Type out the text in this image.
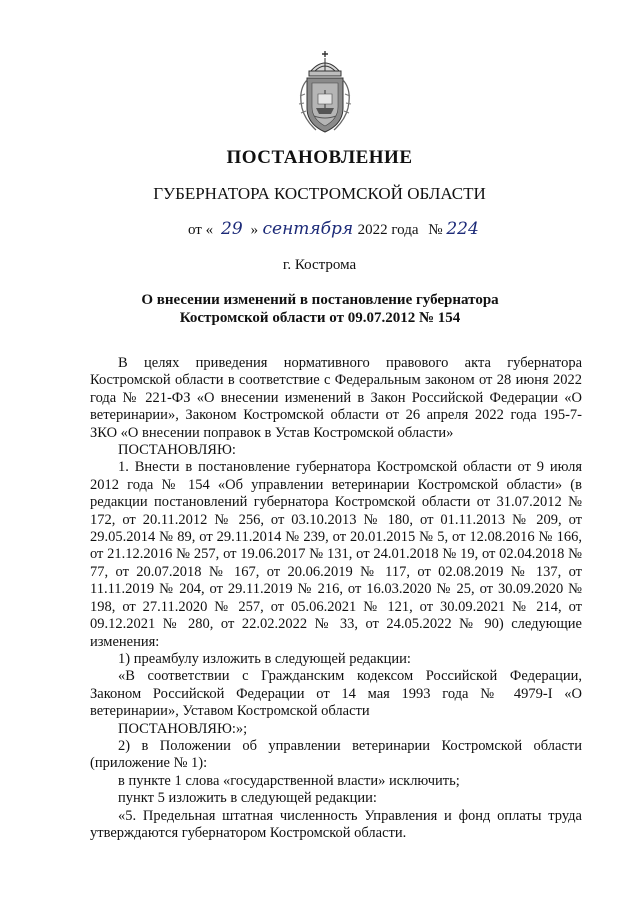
ПОСТАНОВЛЕНИЕ
ГУБЕРНАТОРА КОСТРОМСКОЙ ОБЛАСТИ
от « 29 » сентября 2022 года № 224
г. Кострома
О внесении изменений в постановление губернатора
Костромской области от 09.07.2012 № 154

В целях приведения нормативного правового акта губернатора Костромской области в соответствие с Федеральным законом от 28 июня 2022 года № 221-ФЗ «О внесении изменений в Закон Российской Федерации «О ветеринарии», Законом Костромской области от 26 апреля 2022 года 195-7-ЗКО «О внесении поправок в Устав Костромской области»

ПОСТАНОВЛЯЮ:

1. Внести в постановление губернатора Костромской области от 9 июля 2012 года № 154 «Об управлении ветеринарии Костромской области» (в редакции постановлений губернатора Костромской области от 31.07.2012 № 172, от 20.11.2012 № 256, от 03.10.2013 № 180, от 01.11.2013 № 209, от 29.05.2014 № 89, от 29.11.2014 № 239, от 20.01.2015 № 5, от 12.08.2016 № 166, от 21.12.2016 № 257, от 19.06.2017 № 131, от 24.01.2018 № 19, от 02.04.2018 № 77, от 20.07.2018 № 167, от 20.06.2019 № 117, от 02.08.2019 № 137, от 11.11.2019 № 204, от 29.11.2019 № 216, от 16.03.2020 № 25, от 30.09.2020 № 198, от 27.11.2020 № 257, от 05.06.2021 № 121, от 30.09.2021 № 214, от 09.12.2021 № 280, от 22.02.2022 № 33, от 24.05.2022 № 90) следующие изменения:

1) преамбулу изложить в следующей редакции:

«В соответствии с Гражданским кодексом Российской Федерации, Законом Российской Федерации от 14 мая 1993 года № 4979-I «О ветеринарии», Уставом Костромской области

ПОСТАНОВЛЯЮ:»;

2) в Положении об управлении ветеринарии Костромской области (приложение № 1):

в пункте 1 слова «государственной власти» исключить;

пункт 5 изложить в следующей редакции:

«5. Предельная штатная численность Управления и фонд оплаты труда утверждаются губернатором Костромской области.
